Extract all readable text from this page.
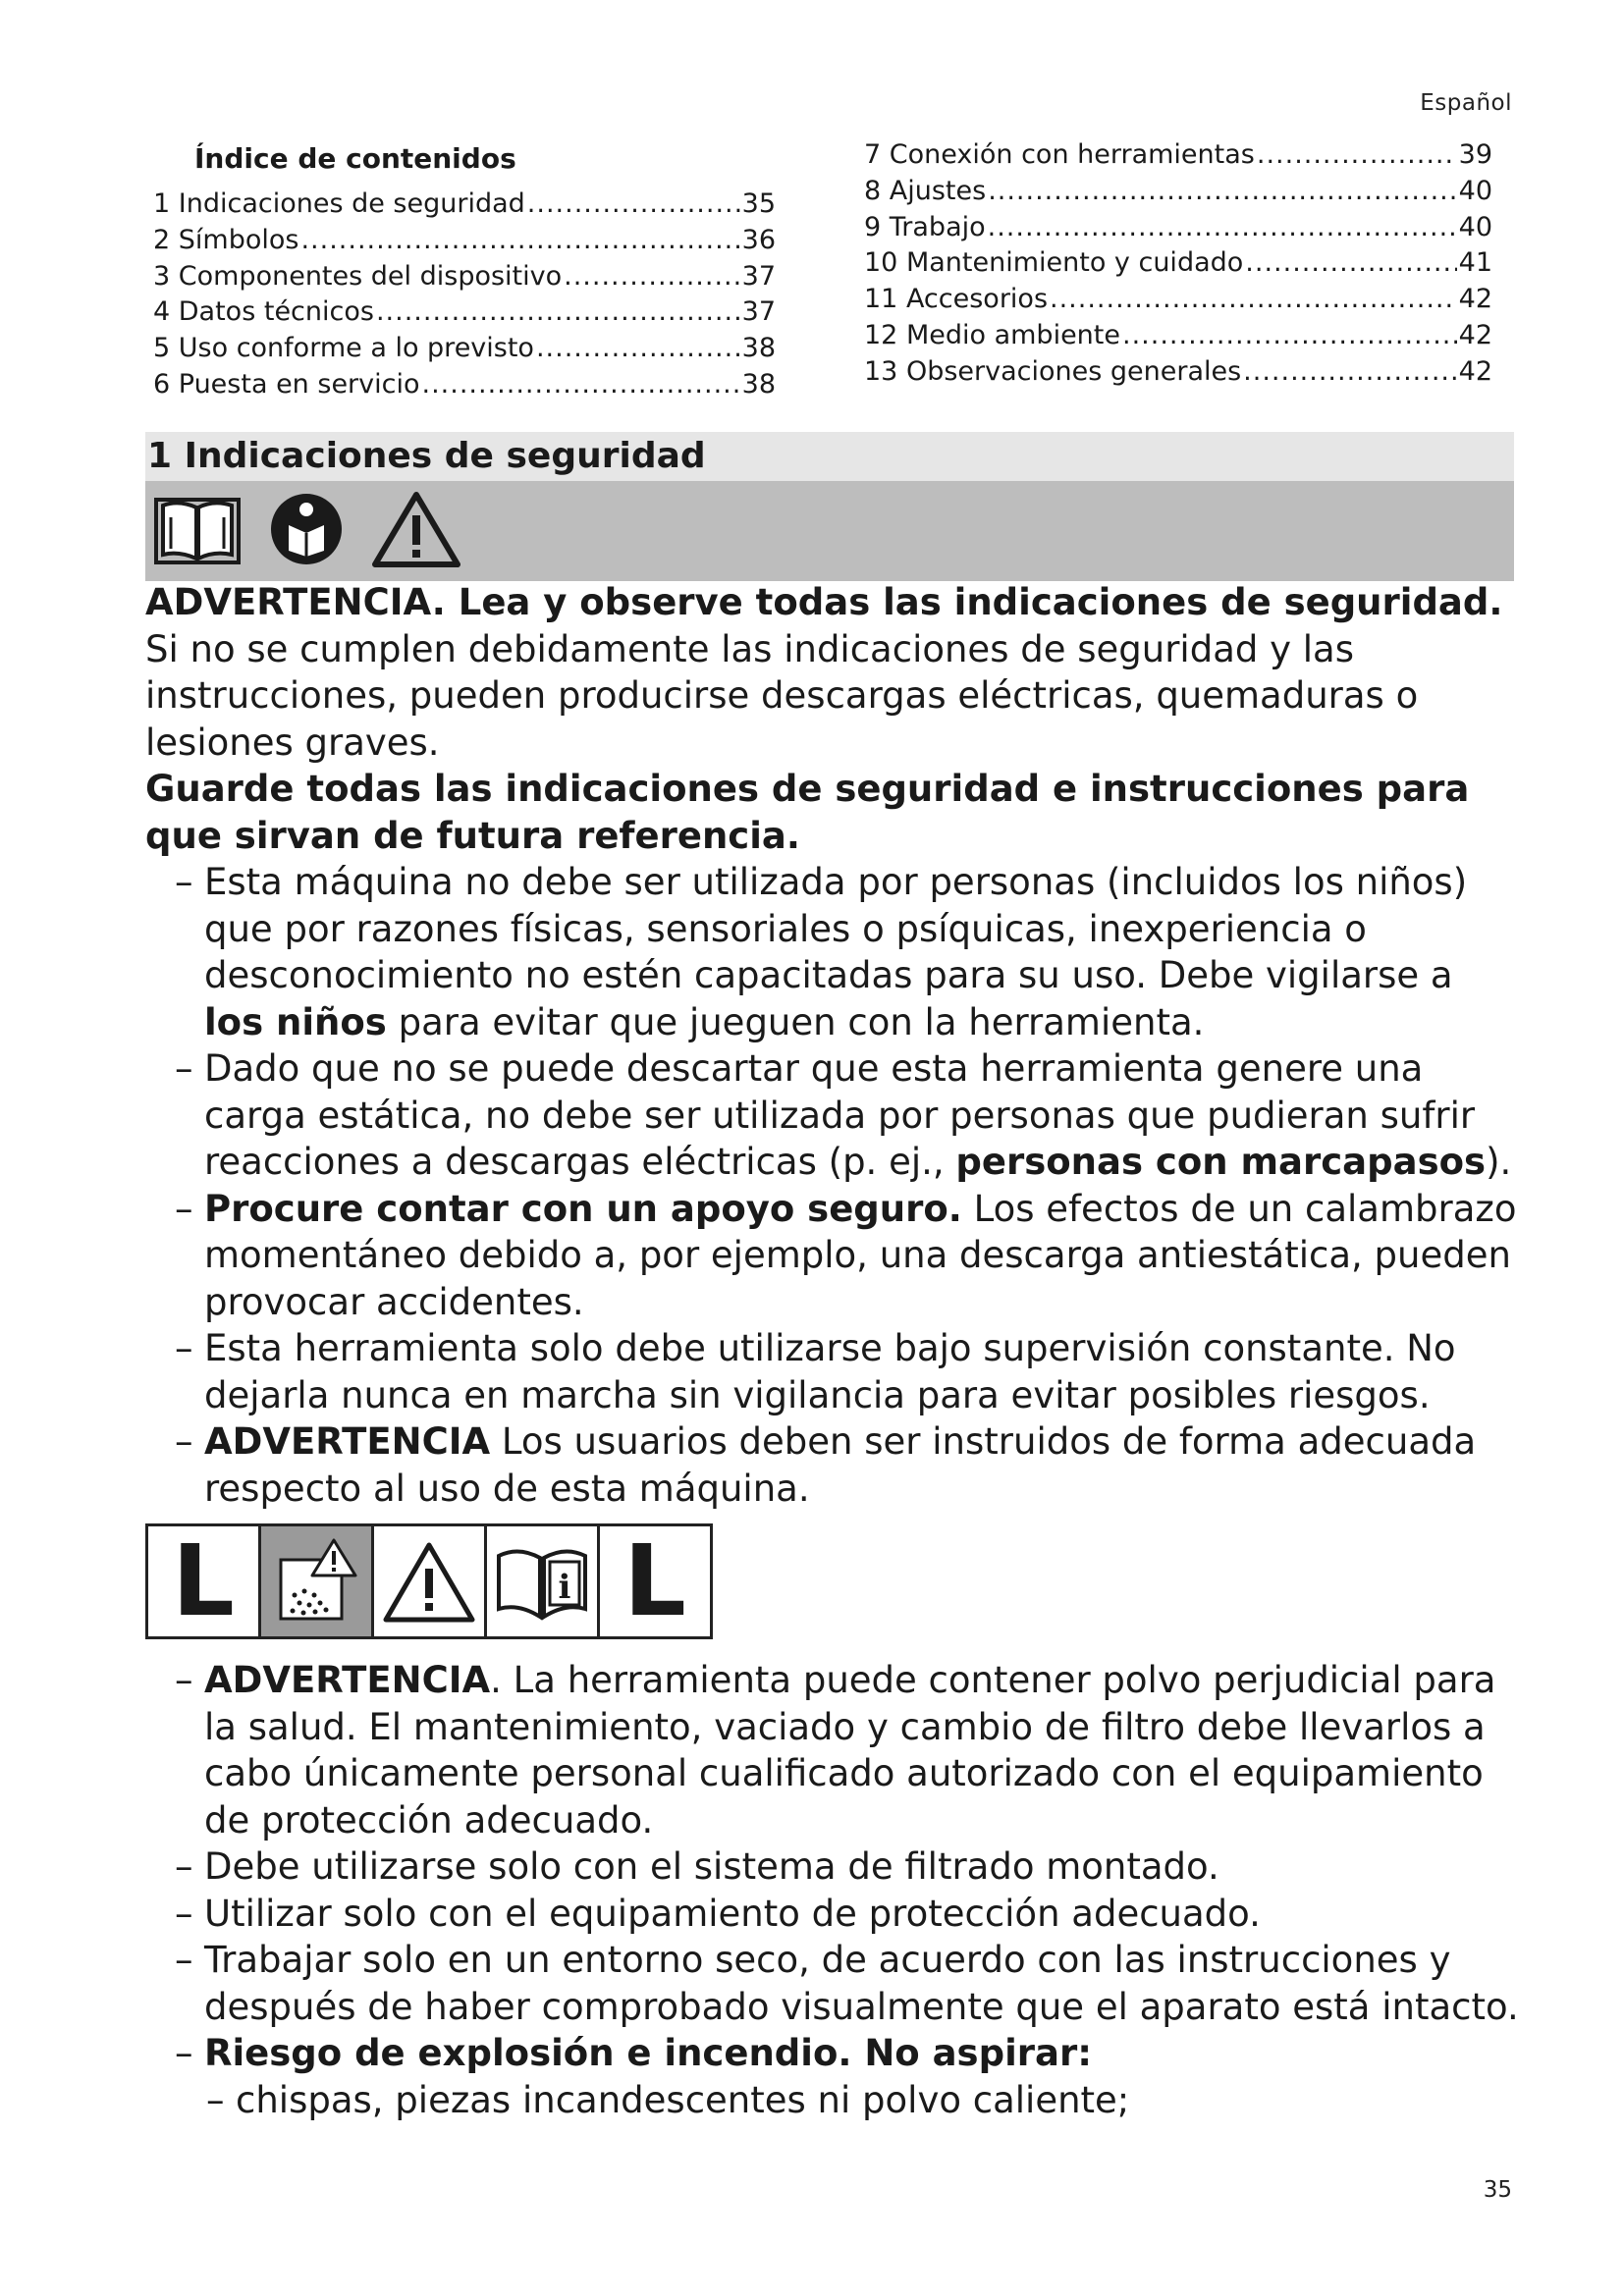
Español
Índice de contenidos
1 Indicaciones de seguridad .....	35
2 Símbolos .....	36
3 Componentes del dispositivo .....	37
4 Datos técnicos .....	37
5 Uso conforme a lo previsto .....	38
6 Puesta en servicio .....	38
7 Conexión con herramientas .....	39
8 Ajustes .....	40
9 Trabajo .....	40
10 Mantenimiento y cuidado .....	41
11 Accesorios .....	42
12 Medio ambiente .....	42
13 Observaciones generales .....	42
1 Indicaciones de seguridad

ADVERTENCIA. Lea y observe todas las indicaciones de seguridad. Si no se cumplen debidamente las indicaciones de seguridad y las instrucciones, pueden producirse descargas eléctricas, quemaduras o lesiones graves.

Guarde todas las indicaciones de seguridad e instrucciones para que sirvan de futura referencia.

– Esta máquina no debe ser utilizada por personas (incluidos los niños) que por razones físicas, sensoriales o psíquicas, inexperiencia o desconocimiento no estén capacitadas para su uso. Debe vigilarse a los niños para evitar que jueguen con la herramienta.

– Dado que no se puede descartar que esta herramienta genere una carga estática, no debe ser utilizada por personas que pudieran sufrir reacciones a descargas eléctricas (p. ej., personas con marcapasos).

– Procure contar con un apoyo seguro. Los efectos de un calambrazo momentáneo debido a, por ejemplo, una descarga antiestática, pueden provocar accidentes.

– Esta herramienta solo debe utilizarse bajo supervisión constante. No dejarla nunca en marcha sin vigilancia para evitar posibles riesgos.

– ADVERTENCIA Los usuarios deben ser instruidos de forma adecuada respecto al uso de esta máquina.

L	i L

– ADVERTENCIA. La herramienta puede contener polvo perjudicial para la salud. El mantenimiento, vaciado y cambio de filtro debe llevarlos a cabo únicamente personal cualificado autorizado con el equipamiento de protección adecuado.

– Debe utilizarse solo con el sistema de filtrado montado.

– Utilizar solo con el equipamiento de protección adecuado.

– Trabajar solo en un entorno seco, de acuerdo con las instrucciones y después de haber comprobado visualmente que el aparato está intacto.

– Riesgo de explosión e incendio. No aspirar:

– chispas, piezas incandescentes ni polvo caliente;

35
